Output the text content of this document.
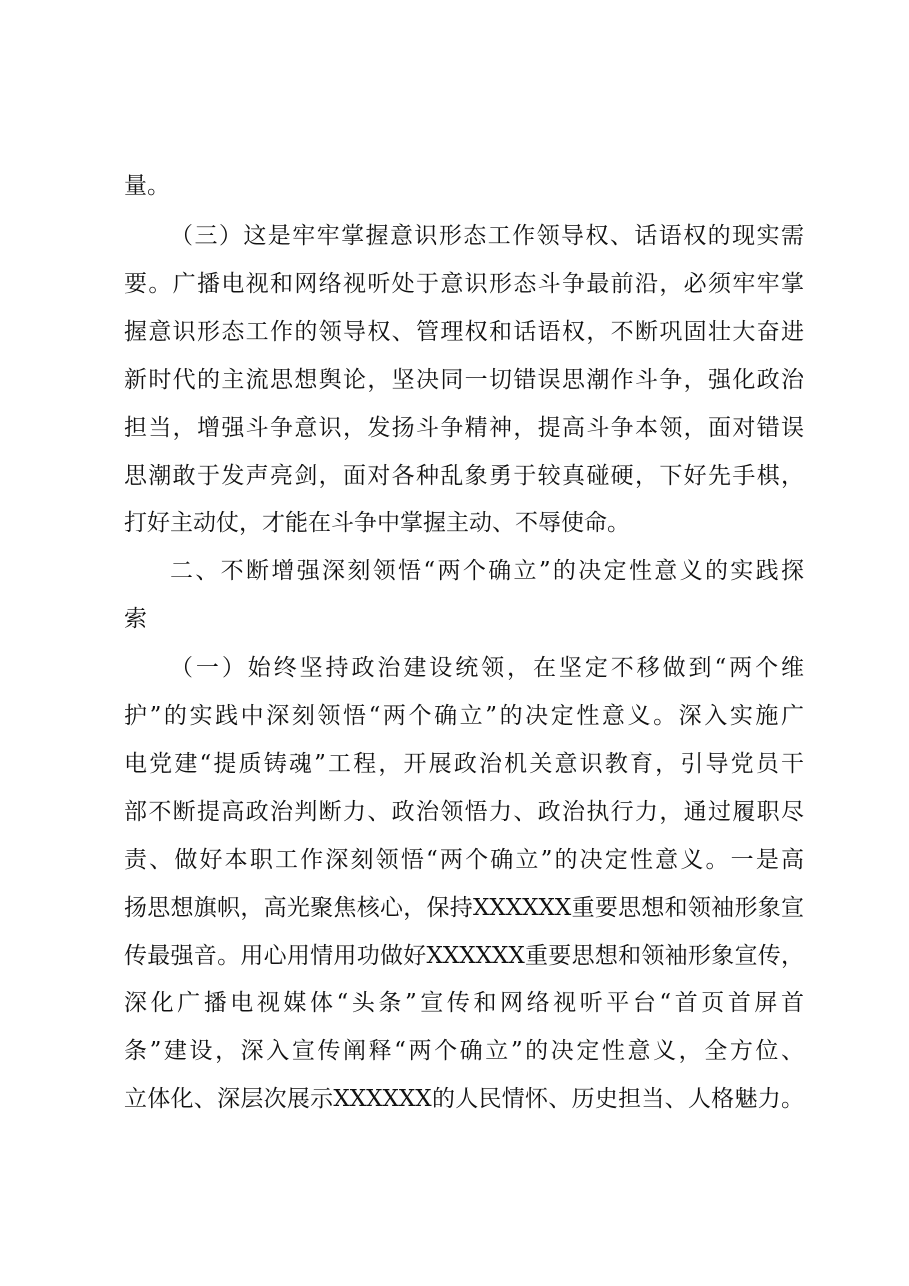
量。
（三）这是牢牢掌握意识形态工作领导权、话语权的现实需
要。广播电视和网络视听处于意识形态斗争最前沿，必须牢牢掌
握意识形态工作的领导权、管理权和话语权，不断巩固壮大奋进
新时代的主流思想舆论，坚决同一切错误思潮作斗争，强化政治
担当，增强斗争意识，发扬斗争精神，提高斗争本领，面对错误
思潮敢于发声亮剑，面对各种乱象勇于较真碰硬，下好先手棋，
打好主动仗，才能在斗争中掌握主动、不辱使命。
二、不断增强深刻领悟“两个确立”的决定性意义的实践探
索
（一）始终坚持政治建设统领，在坚定不移做到“两个维
护”的实践中深刻领悟“两个确立”的决定性意义。深入实施广
电党建“提质铸魂”工程，开展政治机关意识教育，引导党员干
部不断提高政治判断力、政治领悟力、政治执行力，通过履职尽
责、做好本职工作深刻领悟“两个确立”的决定性意义。一是高
扬思想旗帜，高光聚焦核心，保持XXXXXX重要思想和领袖形象宣
传最强音。用心用情用功做好XXXXXX重要思想和领袖形象宣传，
深化广播电视媒体“头条”宣传和网络视听平台“首页首屏首
条”建设，深入宣传阐释“两个确立”的决定性意义，全方位、
立体化、深层次展示XXXXXX的人民情怀、历史担当、人格魅力。
